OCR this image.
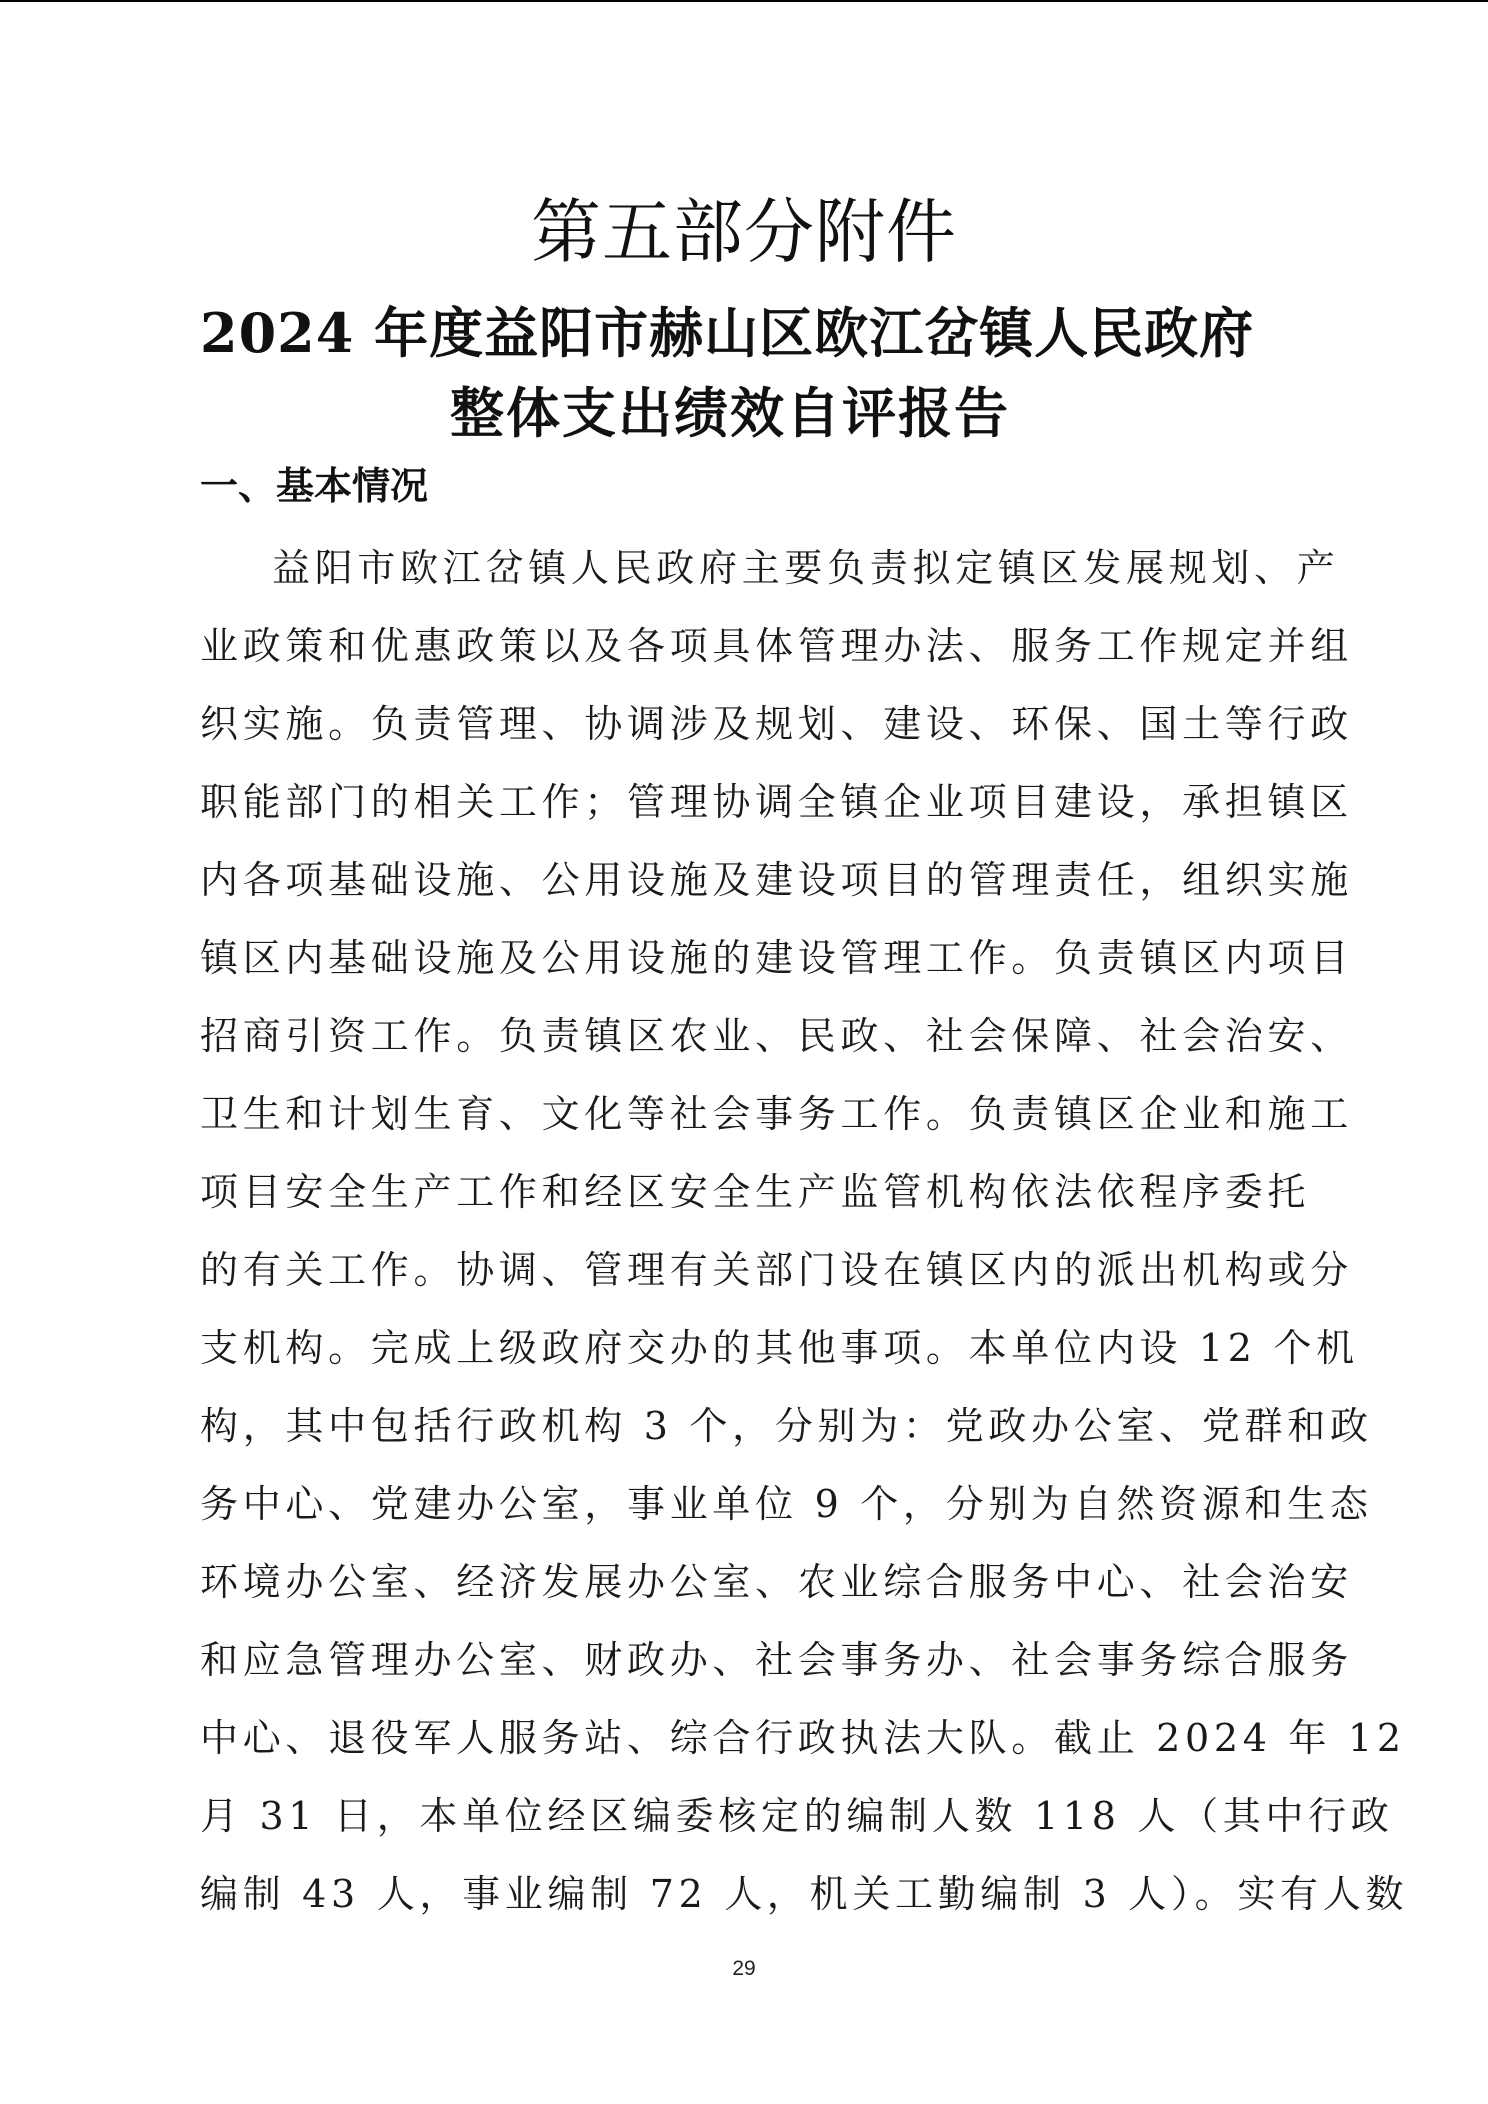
第五部分附件
2024 年度益阳市赫山区欧江岔镇人民政府
整体支出绩效自评报告
一、基本情况
益阳市欧江岔镇人民政府主要负责拟定镇区发展规划、产
业政策和优惠政策以及各项具体管理办法、服务工作规定并组
织实施。负责管理、协调涉及规划、建设、环保、国土等行政
职能部门的相关工作；管理协调全镇企业项目建设，承担镇区
内各项基础设施、公用设施及建设项目的管理责任，组织实施
镇区内基础设施及公用设施的建设管理工作。负责镇区内项目
招商引资工作。负责镇区农业、民政、社会保障、社会治安、
卫生和计划生育、文化等社会事务工作。负责镇区企业和施工
项目安全生产工作和经区安全生产监管机构依法依程序委托
的有关工作。协调、管理有关部门设在镇区内的派出机构或分
支机构。完成上级政府交办的其他事项。本单位内设 12 个机
构，其中包括行政机构 3 个，分别为：党政办公室、党群和政
务中心、党建办公室，事业单位 9 个，分别为自然资源和生态
环境办公室、经济发展办公室、农业综合服务中心、社会治安
和应急管理办公室、财政办、社会事务办、社会事务综合服务
中心、退役军人服务站、综合行政执法大队。截止 2024 年 12
月 31 日，本单位经区编委核定的编制人数 118 人（其中行政
编制 43 人，事业编制 72 人，机关工勤编制 3 人）。实有人数
29
